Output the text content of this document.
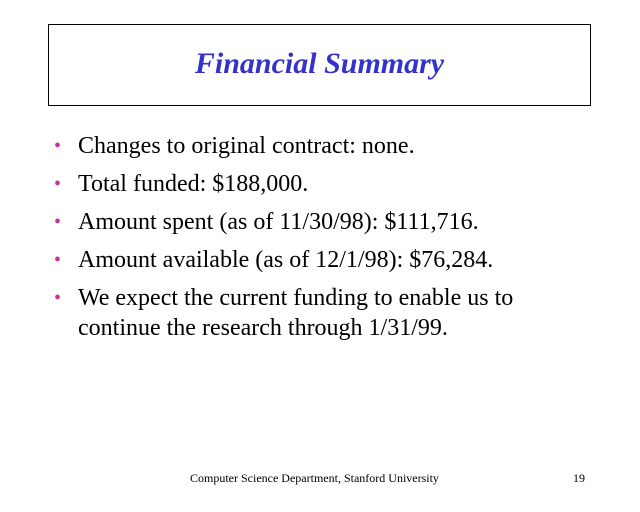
Financial Summary
• Changes to original contract: none.
• Total funded: $188,000.
• Amount spent (as of 11/30/98): $111,716.
• Amount available (as of 12/1/98): $76,284.
• We expect the current funding to enable us to continue the research through 1/31/99.
Computer Science Department, Stanford University	19
